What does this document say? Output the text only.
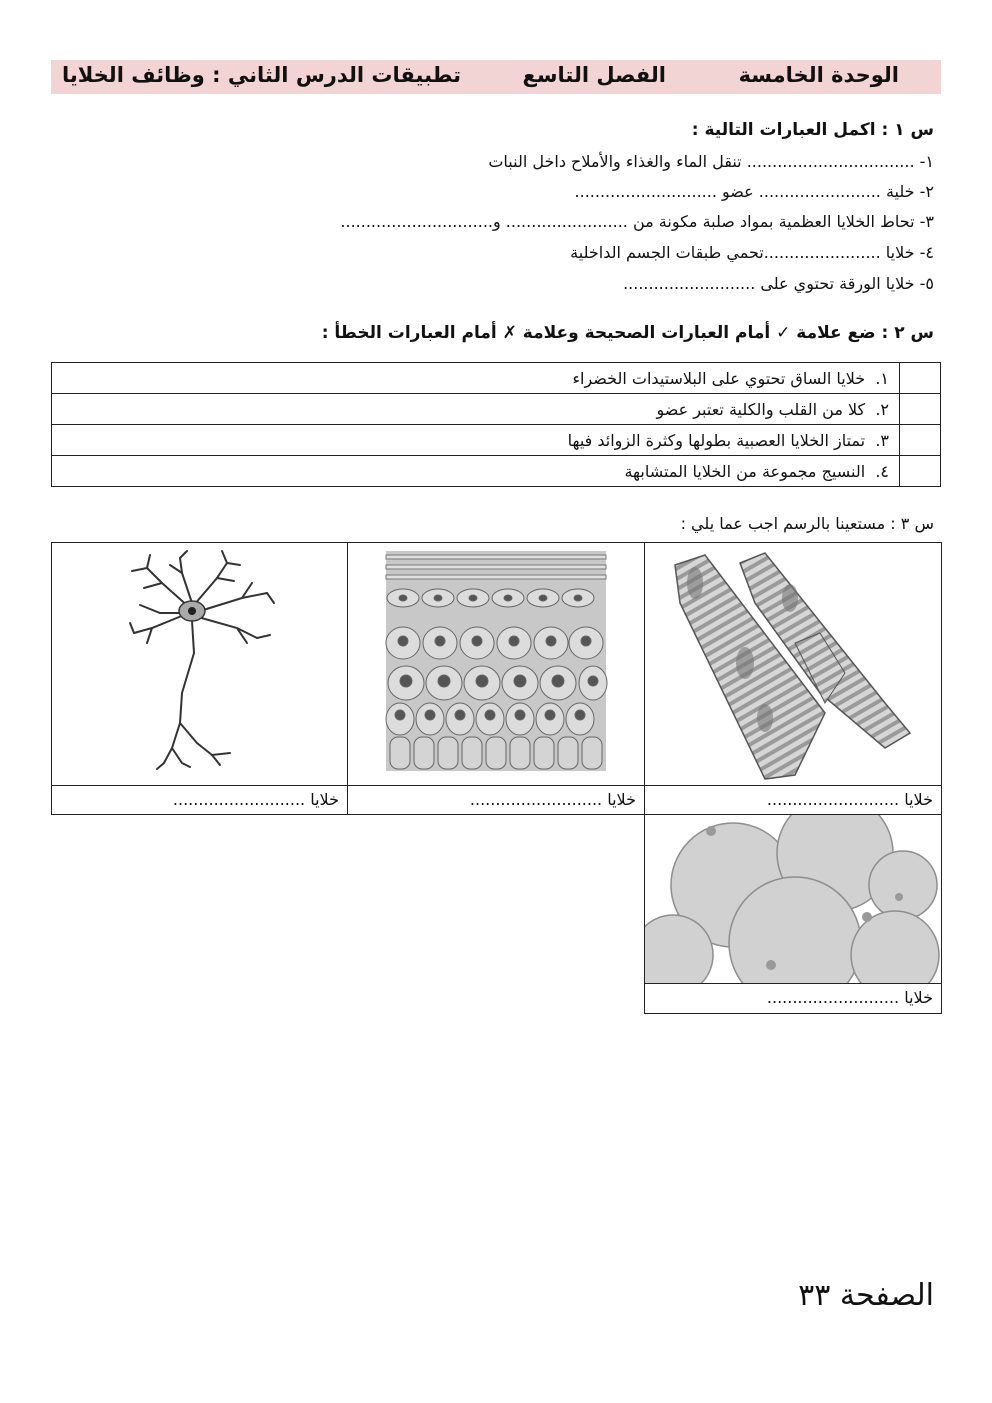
الوحدة الخامسة
الفصل التاسع
تطبيقات الدرس الثاني : وظائف الخلايا
س ١ : اكمل العبارات التالية :
١- ................................. تنقل الماء والغذاء والأملاح داخل النبات
٢- خلية ........................ عضو ............................
٣- تحاط الخلايا العظمية بمواد صلبة مكونة من ........................ و..............................
٤- خلايا .......................تحمي طبقات الجسم الداخلية
٥- خلايا الورقة تحتوي على ..........................
س ٢ : ضع علامة ✓ أمام العبارات الصحيحة وعلامة ✗ أمام العبارات الخطأ :
	١.  خلايا الساق تحتوي على البلاستيدات الخضراء
	٢.  كلا من القلب والكلية تعتبر عضو
	٣.  تمتاز الخلايا العصبية بطولها وكثرة الزوائد فيها
	٤.  النسيج مجموعة من الخلايا المتشابهة
س ٣ : مستعينا بالرسم اجب عما يلي :
خلايا ..........................
خلايا ..........................
خلايا ..........................
خلايا ..........................
الصفحة ٣٣
